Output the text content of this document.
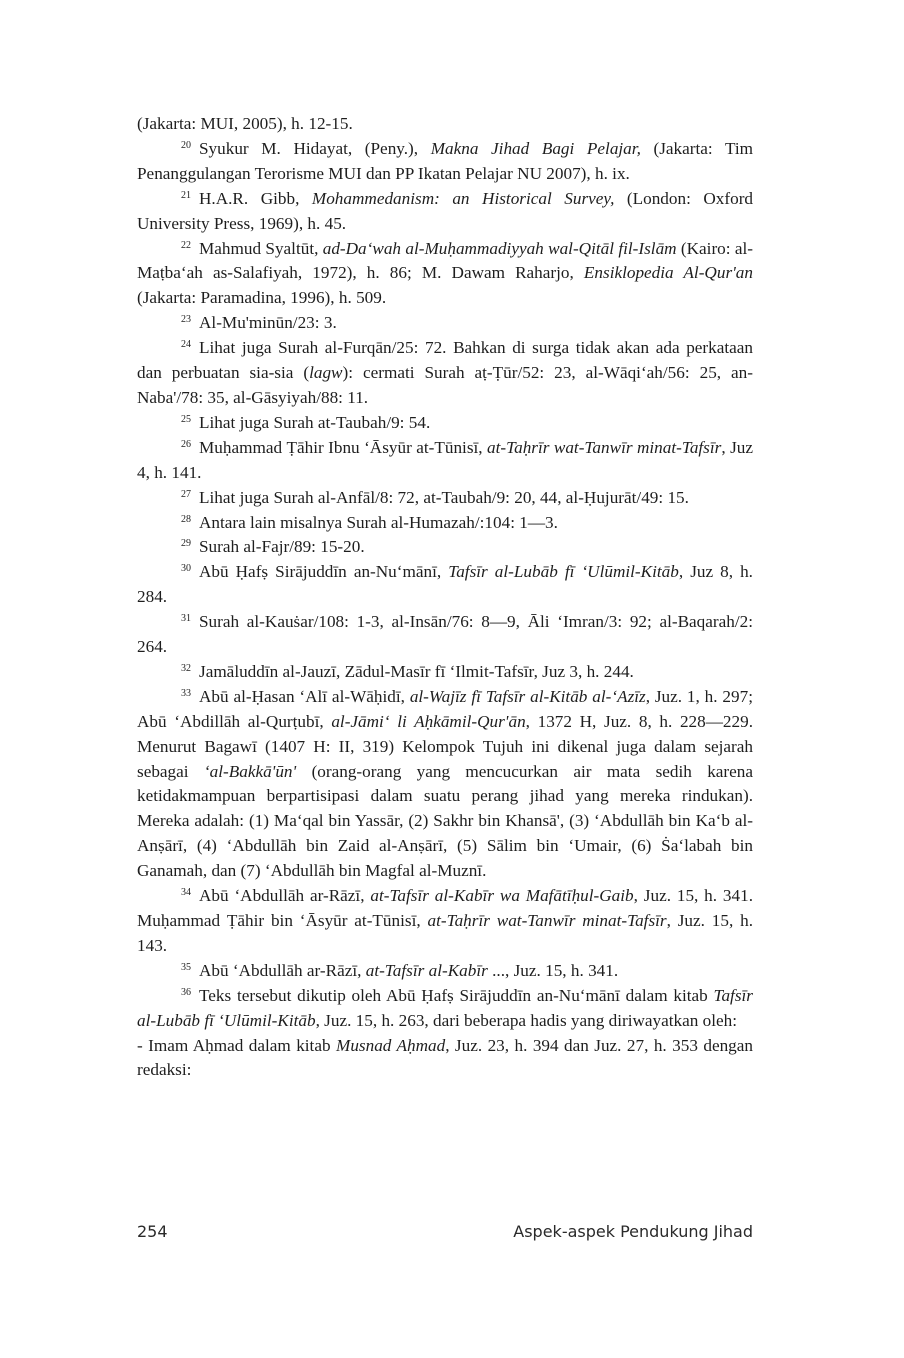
(Jakarta: MUI, 2005), h. 12-15.

$^{20}$ Syukur M. Hidayat, (Peny.), Makna Jihad Bagi Pelajar, (Jakarta: Tim Penanggulangan Terorisme MUI dan PP Ikatan Pelajar NU 2007), h. ix.

$^{21}$ H.A.R. Gibb, Mohammedanism: an Historical Survey, (London: Oxford University Press, 1969), h. 45.

$^{22}$ Mahmud Syaltūt, ad-Da‘wah al-Muḥammadiyyah wal-Qitāl fil-Islām (Kairo: al-Maṭba‘ah as-Salafiyah, 1972), h. 86; M. Dawam Raharjo, Ensiklopedia Al-Qur'an (Jakarta: Paramadina, 1996), h. 509.

$^{23}$ Al-Mu'minūn/23: 3.

$^{24}$ Lihat juga Surah al-Furqān/25: 72. Bahkan di surga tidak akan ada perkataan dan perbuatan sia-sia (lagw): cermati Surah aṭ-Ṭūr/52: 23, al-Wāqi‘ah/56: 25, an-Naba'/78: 35, al-Gāsyiyah/88: 11.

$^{25}$ Lihat juga Surah at-Taubah/9: 54.

$^{26}$ Muḥammad Ṭāhir Ibnu ‘Āsyūr at-Tūnisī, at-Taḥrīr wat-Tanwīr minat-Tafsīr, Juz 4, h. 141.

$^{27}$ Lihat juga Surah al-Anfāl/8: 72, at-Taubah/9: 20, 44, al-Ḥujurāt/49: 15.

$^{28}$ Antara lain misalnya Surah al-Humazah/:104: 1—3.

$^{29}$ Surah al-Fajr/89: 15-20.

$^{30}$ Abū Ḥafṣ Sirājuddīn an-Nu‘mānī, Tafsīr al-Lubāb fī ‘Ulūmil-Kitāb, Juz 8, h. 284.

$^{31}$ Surah al-Kauṡar/108: 1-3, al-Insān/76: 8—9, Āli ‘Imran/3: 92; al-Baqarah/2: 264.

$^{32}$ Jamāluddīn al-Jauzī, Zādul-Masīr fī ‘Ilmit-Tafsīr, Juz 3, h. 244.

$^{33}$ Abū al-Ḥasan ‘Alī al-Wāḥidī, al-Wajīz fī Tafsīr al-Kitāb al-‘Azīz, Juz. 1, h. 297; Abū ‘Abdillāh al-Qurṭubī, al-Jāmi‘ li Aḥkāmil-Qur'ān, 1372 H, Juz. 8, h. 228—229. Menurut Bagawī (1407 H: II, 319) Kelompok Tujuh ini dikenal juga dalam sejarah sebagai ‘al-Bakkā'ūn' (orang-orang yang mencucurkan air mata sedih karena ketidakmampuan berpartisipasi dalam suatu perang jihad yang mereka rindukan). Mereka adalah: (1) Ma‘qal bin Yassār, (2) Sakhr bin Khansā', (3) ‘Abdullāh bin Ka‘b al-Anṣārī, (4) ‘Abdullāh bin Zaid al-Anṣārī, (5) Sālim bin ‘Umair, (6) Ṡa‘labah bin Ganamah, dan (7) ‘Abdullāh bin Magfal al-Muznī.

$^{34}$ Abū ‘Abdullāh ar-Rāzī, at-Tafsīr al-Kabīr wa Mafātīḥul-Gaib, Juz. 15, h. 341. Muḥammad Ṭāhir bin ‘Āsyūr at-Tūnisī, at-Taḥrīr wat-Tanwīr minat-Tafsīr, Juz. 15, h. 143.

$^{35}$ Abū ‘Abdullāh ar-Rāzī, at-Tafsīr al-Kabīr ..., Juz. 15, h. 341.

$^{36}$ Teks tersebut dikutip oleh Abū Ḥafṣ Sirājuddīn an-Nu‘mānī dalam kitab Tafsīr al-Lubāb fī ‘Ulūmil-Kitāb, Juz. 15, h. 263, dari beberapa hadis yang diriwayatkan oleh:

- Imam Aḥmad dalam kitab Musnad Aḥmad, Juz. 23, h. 394 dan Juz. 27, h. 353 dengan redaksi:

254	Aspek-aspek Pendukung Jihad
